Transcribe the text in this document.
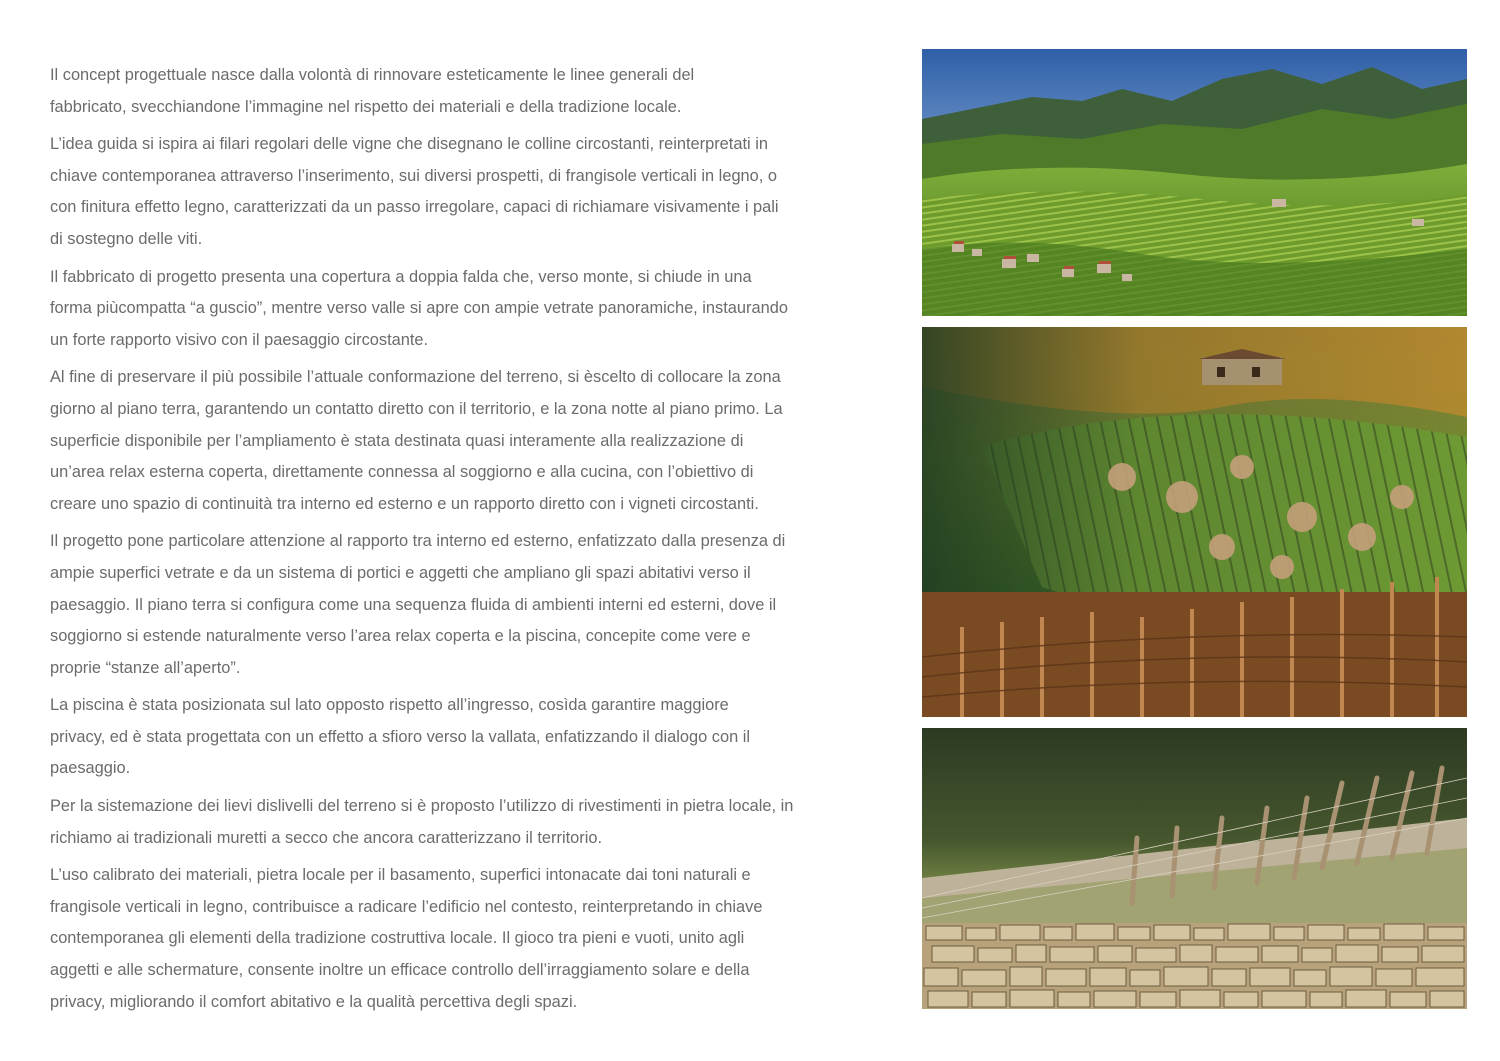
Il concept progettuale nasce dalla volontà di rinnovare esteticamente le linee generali del
fabbricato, svecchiandone l’immagine nel rispetto dei materiali e della tradizione locale.

L’idea guida si ispira ai filari regolari delle vigne che disegnano le colline circostanti, reinterpretati in
chiave contemporanea attraverso l’inserimento, sui diversi prospetti, di frangisole verticali in legno, o
con finitura effetto legno, caratterizzati da un passo irregolare, capaci di richiamare visivamente i pali
di sostegno delle viti.

Il fabbricato di progetto presenta una copertura a doppia falda che, verso monte, si chiude in una
forma piùcompatta “a guscio”, mentre verso valle si apre con ampie vetrate panoramiche, instaurando
un forte rapporto visivo con il paesaggio circostante.

Al fine di preservare il più possibile l’attuale conformazione del terreno, si èscelto di collocare la zona
giorno al piano terra, garantendo un contatto diretto con il territorio, e la zona notte al piano primo. La
superficie disponibile per l’ampliamento è stata destinata quasi interamente alla realizzazione di
un’area relax esterna coperta, direttamente connessa al soggiorno e alla cucina, con l’obiettivo di
creare uno spazio di continuità tra interno ed esterno e un rapporto diretto con i vigneti circostanti.

Il progetto pone particolare attenzione al rapporto tra interno ed esterno, enfatizzato dalla presenza di
ampie superfici vetrate e da un sistema di portici e aggetti che ampliano gli spazi abitativi verso il
paesaggio. Il piano terra si configura come una sequenza fluida di ambienti interni ed esterni, dove il
soggiorno si estende naturalmente verso l’area relax coperta e la piscina, concepite come vere e
proprie “stanze all’aperto”.

La piscina è stata posizionata sul lato opposto rispetto all’ingresso, cosìda garantire maggiore
privacy, ed è stata progettata con un effetto a sfioro verso la vallata, enfatizzando il dialogo con il
paesaggio.

Per la sistemazione dei lievi dislivelli del terreno si è proposto l’utilizzo di rivestimenti in pietra locale, in
richiamo ai tradizionali muretti a secco che ancora caratterizzano il territorio.

L’uso calibrato dei materiali, pietra locale per il basamento, superfici intonacate dai toni naturali e
frangisole verticali in legno, contribuisce a radicare l’edificio nel contesto, reinterpretando in chiave
contemporanea gli elementi della tradizione costruttiva locale. Il gioco tra pieni e vuoti, unito agli
aggetti e alle schermature, consente inoltre un efficace controllo dell’irraggiamento solare e della
privacy, migliorando il comfort abitativo e la qualità percettiva degli spazi.
